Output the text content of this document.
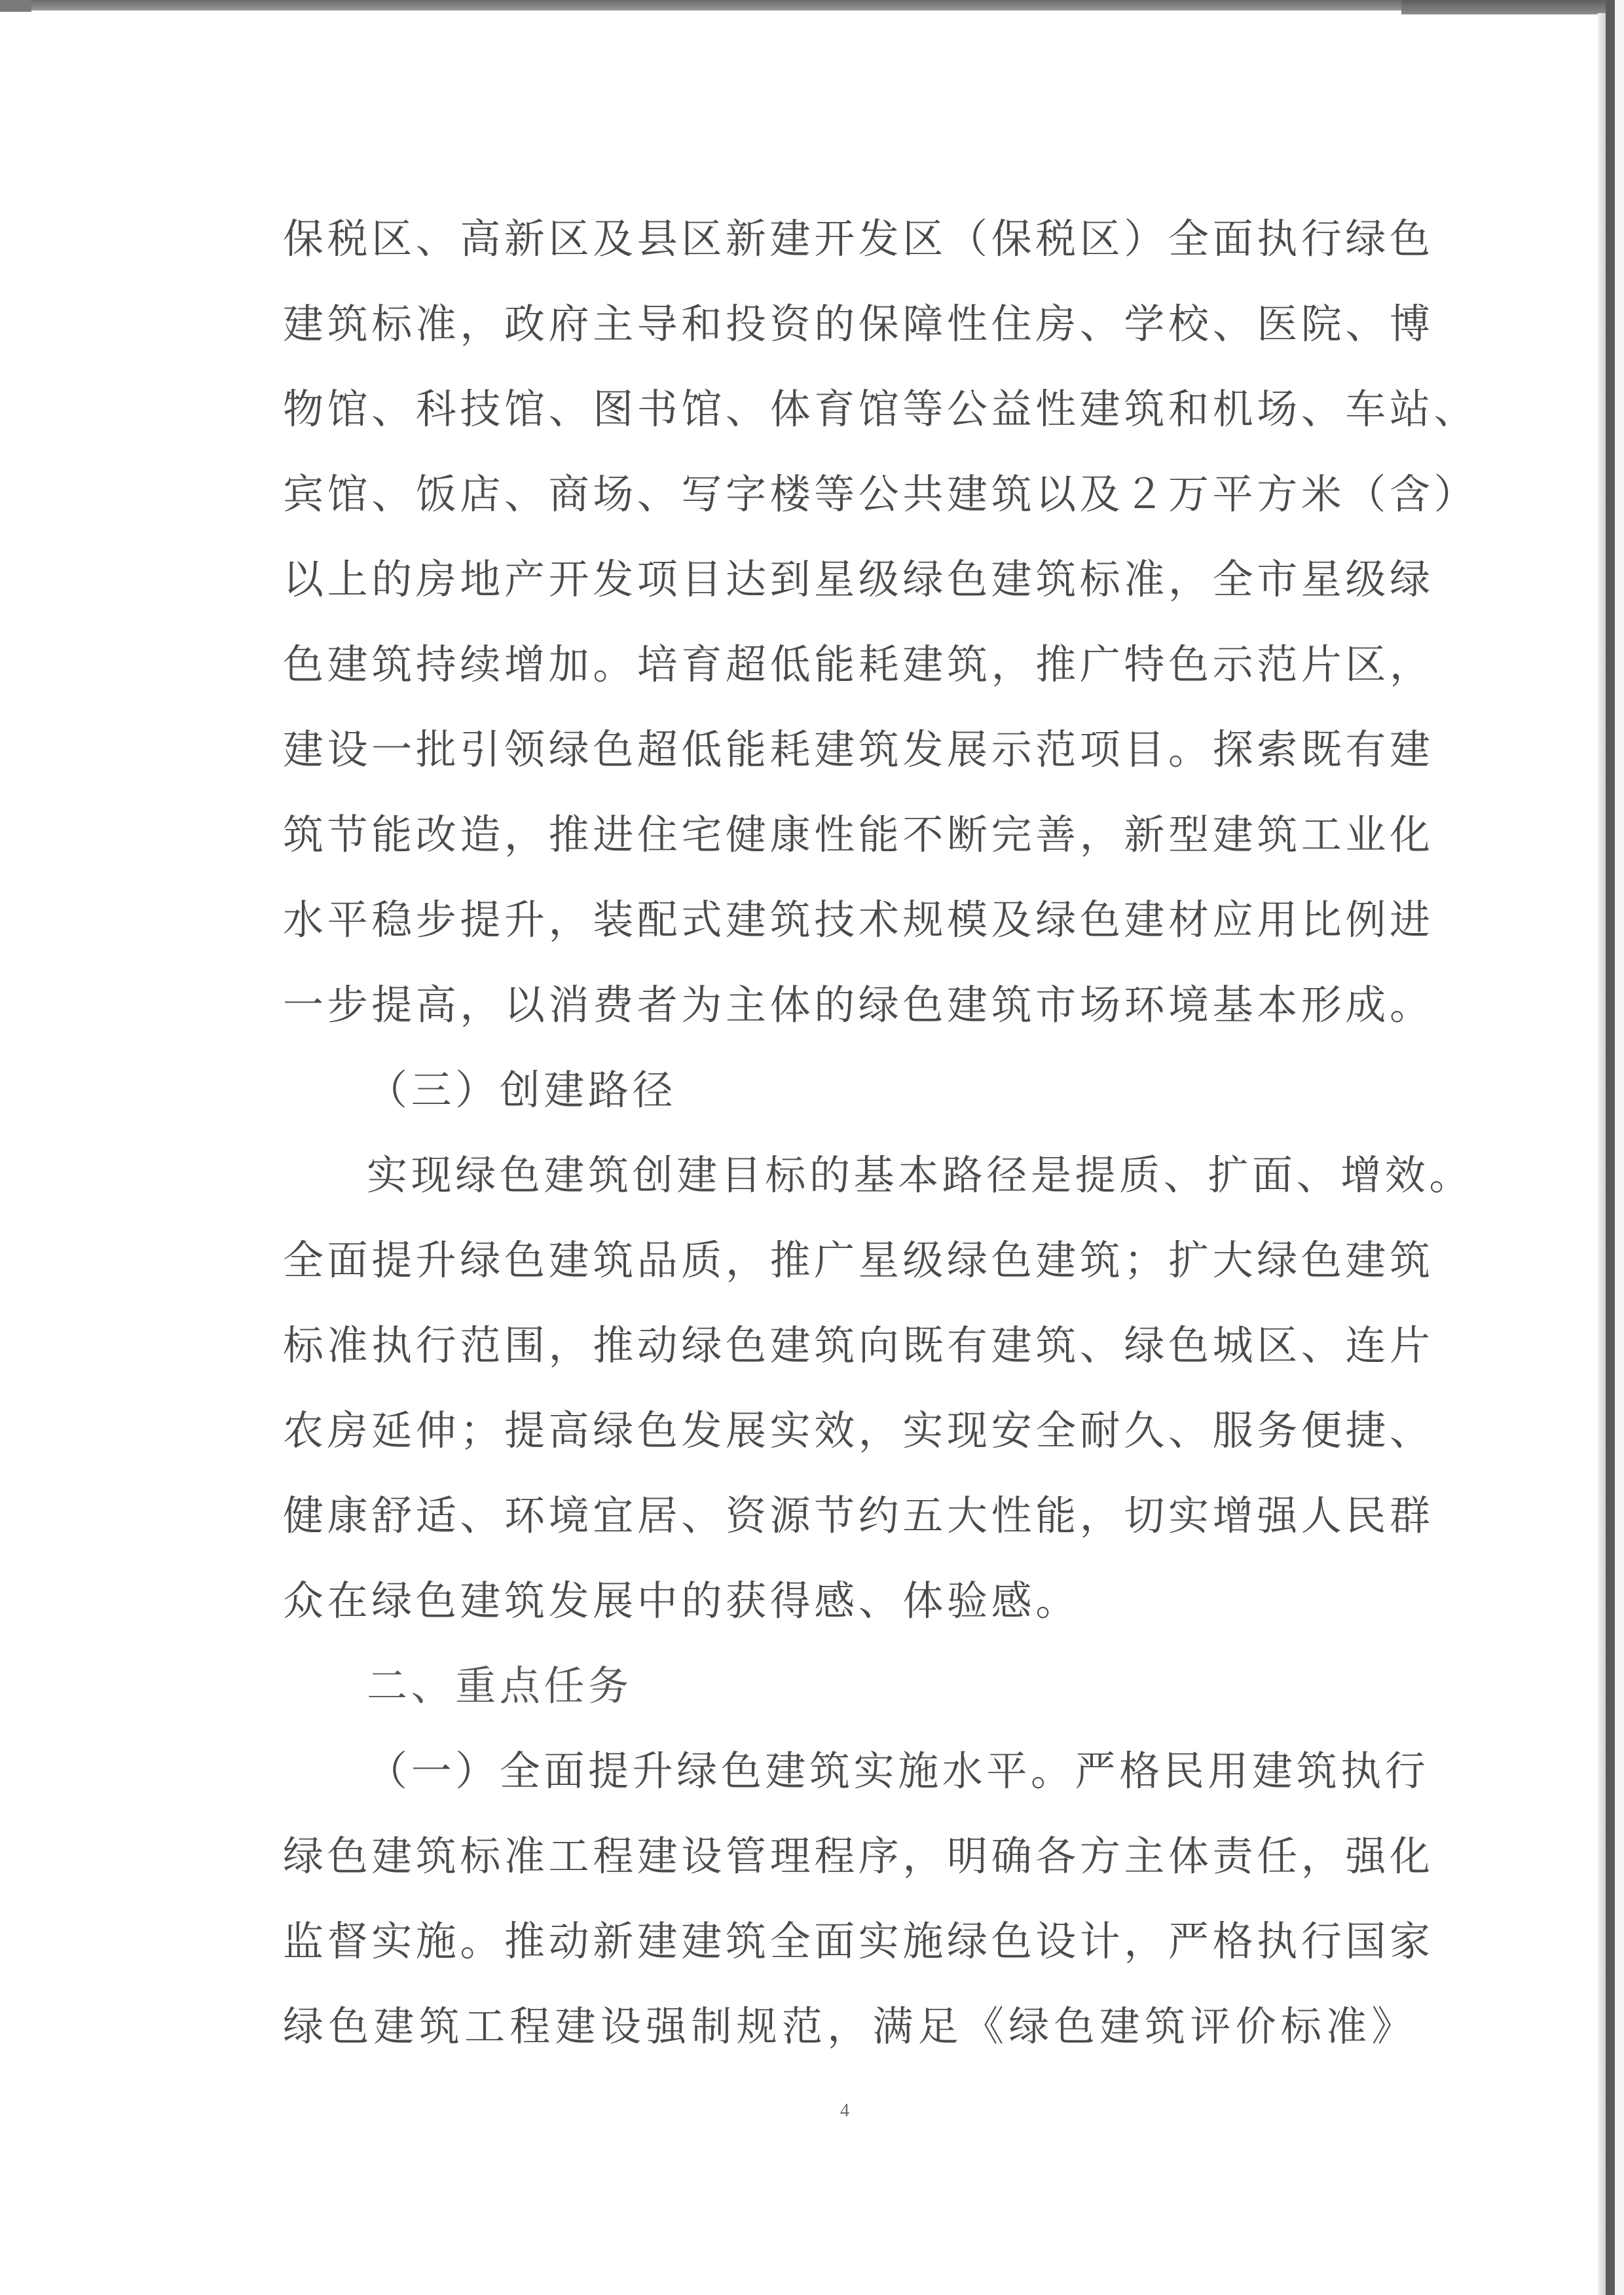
保税区、高新区及县区新建开发区（保税区）全面执行绿色
建筑标准，政府主导和投资的保障性住房、学校、医院、博
物馆、科技馆、图书馆、体育馆等公益性建筑和机场、车站、
宾馆、饭店、商场、写字楼等公共建筑以及２万平方米（含）
以上的房地产开发项目达到星级绿色建筑标准，全市星级绿
色建筑持续增加。培育超低能耗建筑，推广特色示范片区，
建设一批引领绿色超低能耗建筑发展示范项目。探索既有建
筑节能改造，推进住宅健康性能不断完善，新型建筑工业化
水平稳步提升，装配式建筑技术规模及绿色建材应用比例进
一步提高，以消费者为主体的绿色建筑市场环境基本形成。
（三）创建路径
实现绿色建筑创建目标的基本路径是提质、扩面、增效。
全面提升绿色建筑品质，推广星级绿色建筑；扩大绿色建筑
标准执行范围，推动绿色建筑向既有建筑、绿色城区、连片
农房延伸；提高绿色发展实效，实现安全耐久、服务便捷、
健康舒适、环境宜居、资源节约五大性能，切实增强人民群
众在绿色建筑发展中的获得感、体验感。
二、重点任务
（一）全面提升绿色建筑实施水平。严格民用建筑执行
绿色建筑标准工程建设管理程序，明确各方主体责任，强化
监督实施。推动新建建筑全面实施绿色设计，严格执行国家
绿色建筑工程建设强制规范，满足《绿色建筑评价标准》
4
